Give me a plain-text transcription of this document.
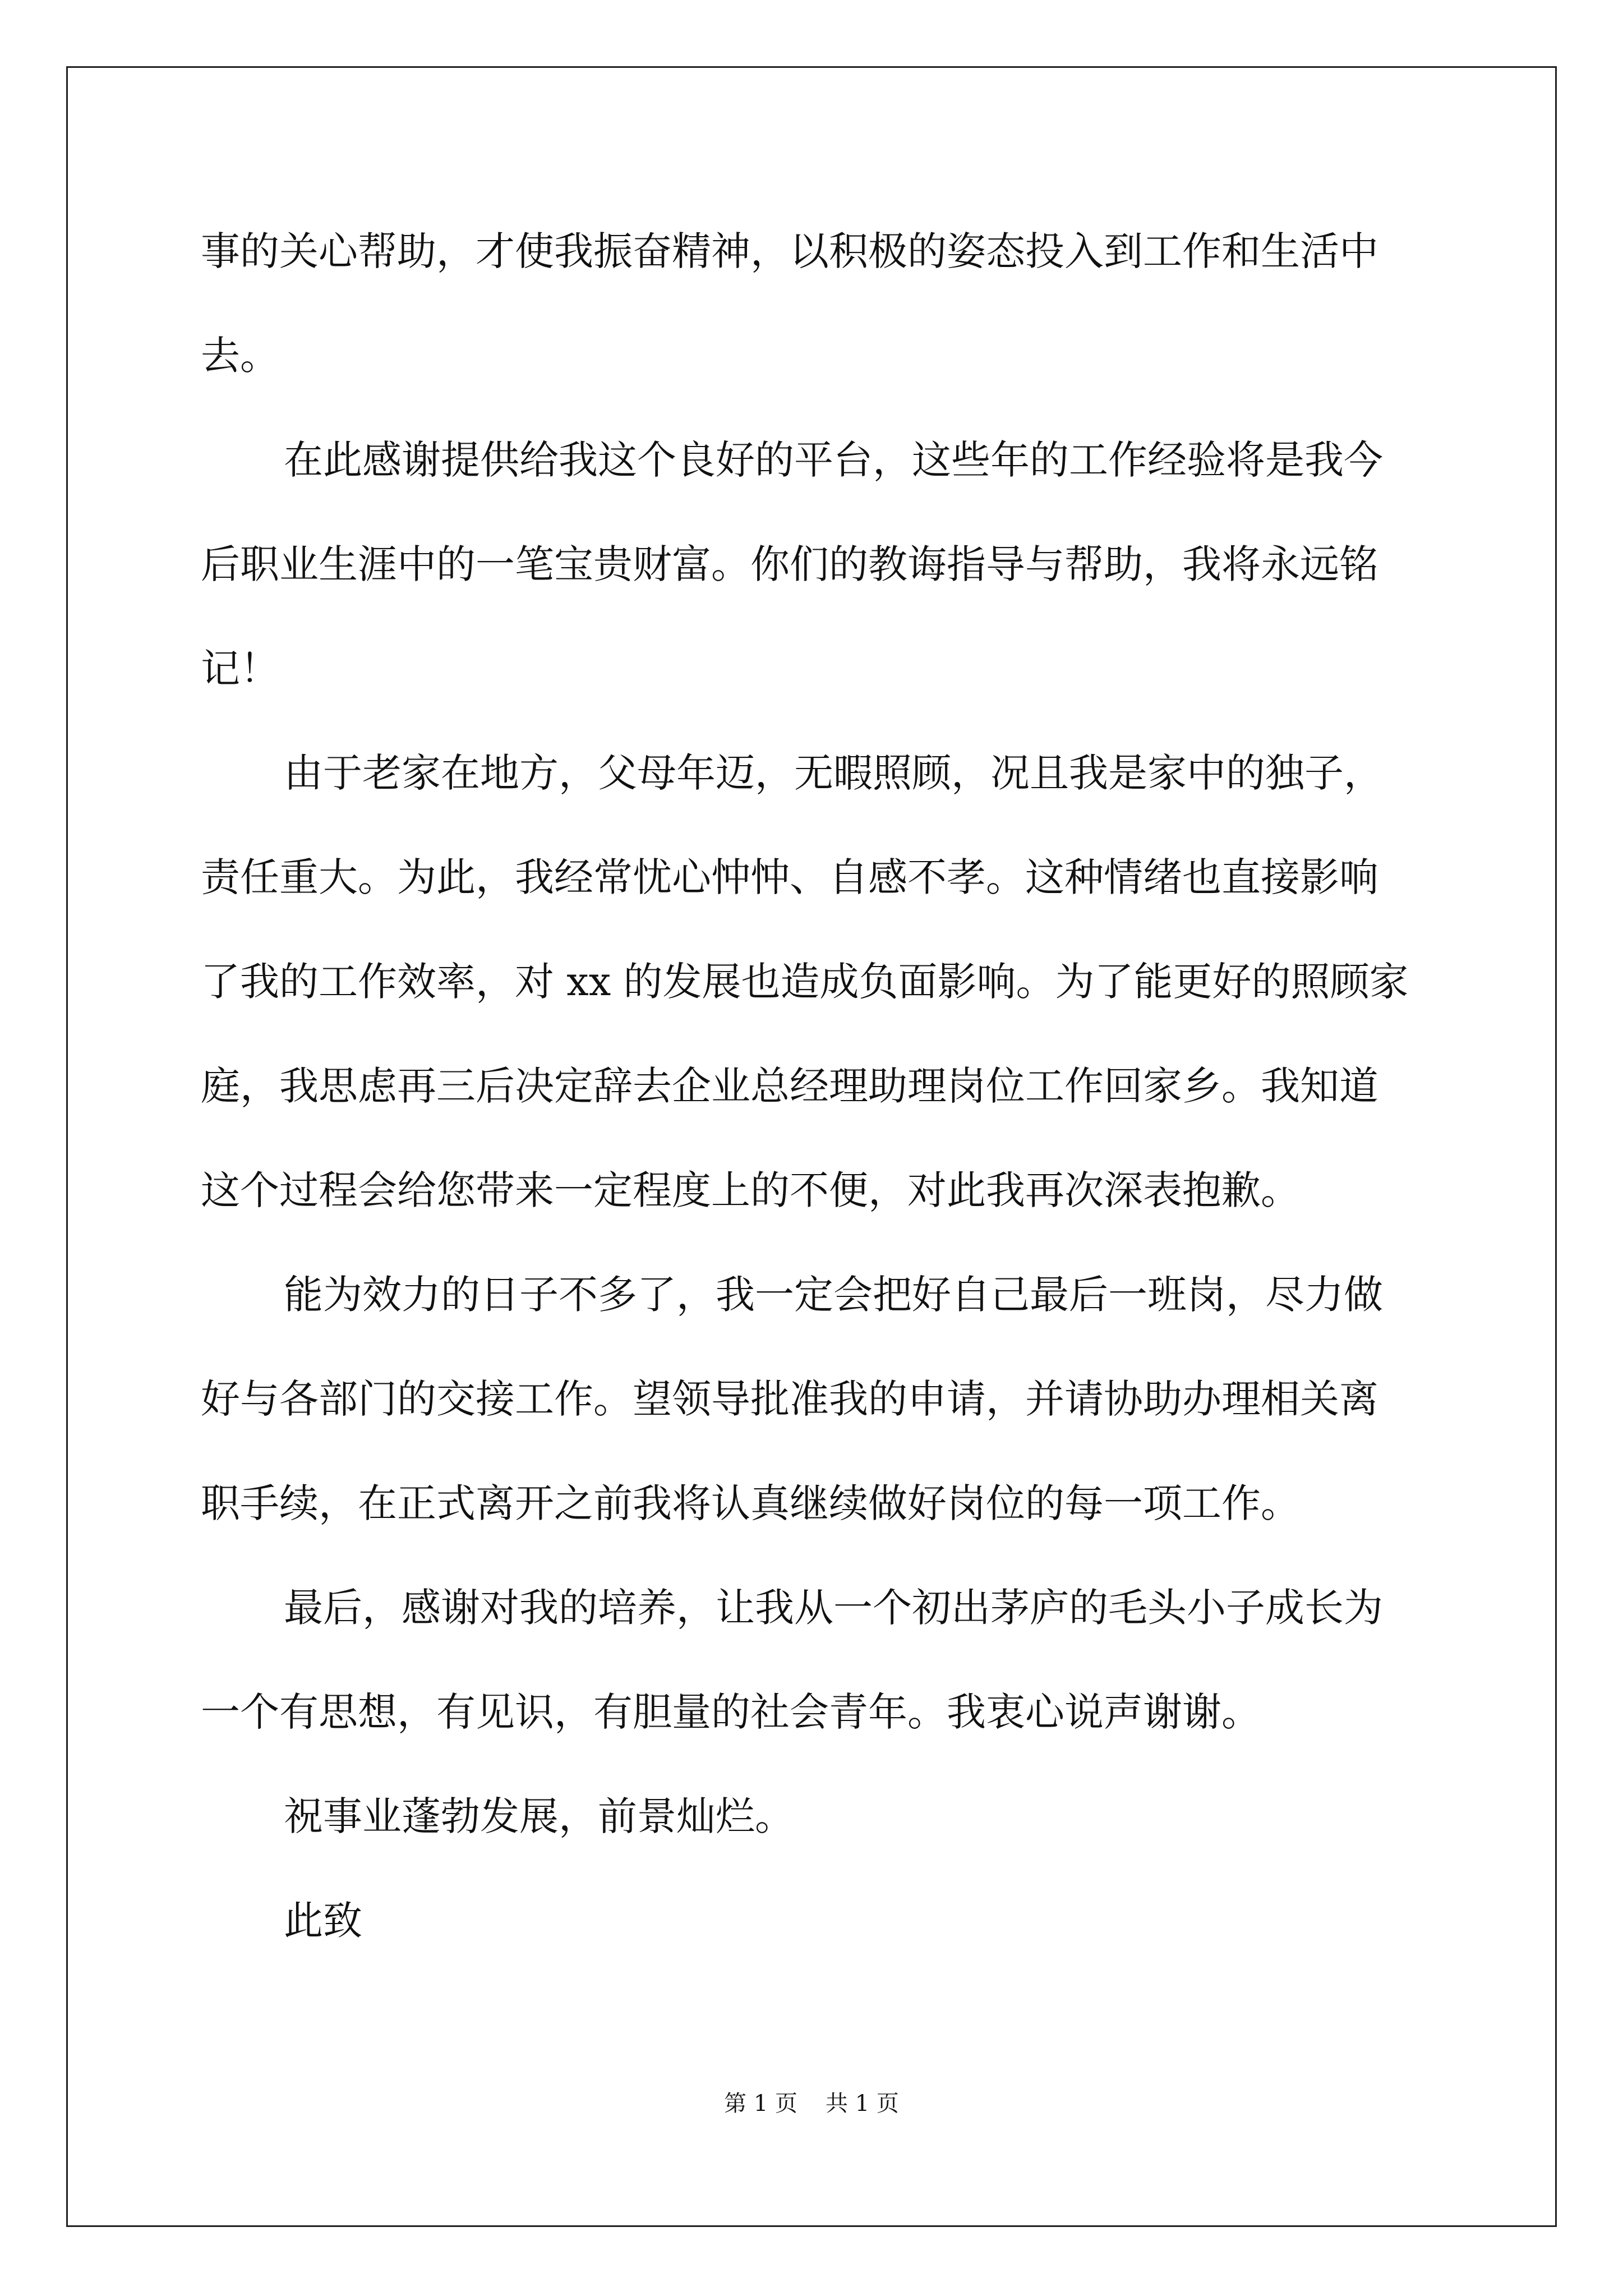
事的关心帮助，才使我振奋精神，以积极的姿态投入到工作和生活中
去。
在此感谢提供给我这个良好的平台，这些年的工作经验将是我今
后职业生涯中的一笔宝贵财富。你们的教诲指导与帮助，我将永远铭
记！
由于老家在地方，父母年迈，无暇照顾，况且我是家中的独子，
责任重大。为此，我经常忧心忡忡、自感不孝。这种情绪也直接影响
了我的工作效率，对 xx 的发展也造成负面影响。为了能更好的照顾家
庭，我思虑再三后决定辞去企业总经理助理岗位工作回家乡。我知道
这个过程会给您带来一定程度上的不便，对此我再次深表抱歉。
能为效力的日子不多了，我一定会把好自己最后一班岗，尽力做
好与各部门的交接工作。望领导批准我的申请，并请协助办理相关离
职手续，在正式离开之前我将认真继续做好岗位的每一项工作。
最后，感谢对我的培养，让我从一个初出茅庐的毛头小子成长为
一个有思想，有见识，有胆量的社会青年。我衷心说声谢谢。
祝事业蓬勃发展，前景灿烂。
此致
第 1 页 共 1 页
